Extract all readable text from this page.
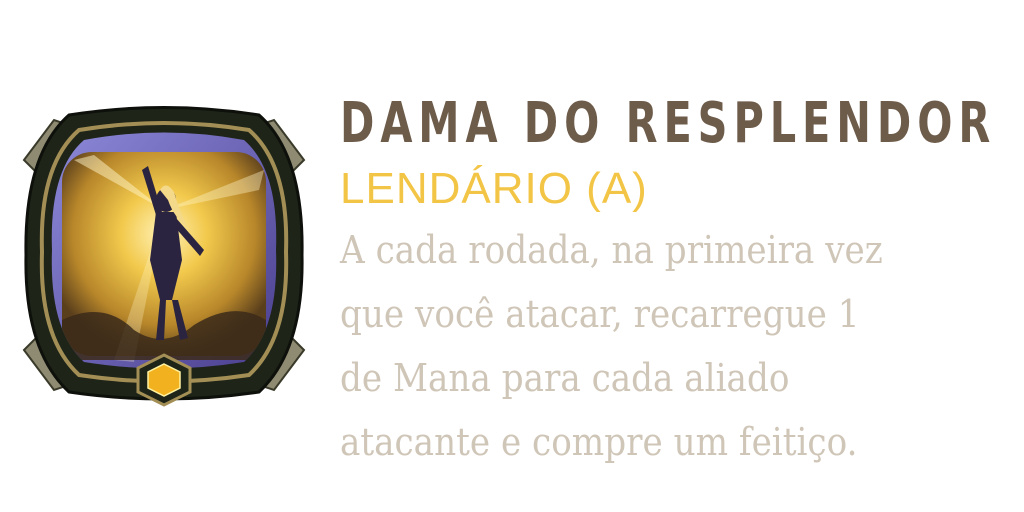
DAMA DO RESPLENDOR
LENDÁRIO (A)
A cada rodada, na primeira vez
que você atacar, recarregue 1
de Mana para cada aliado
atacante e compre um feitiço.
